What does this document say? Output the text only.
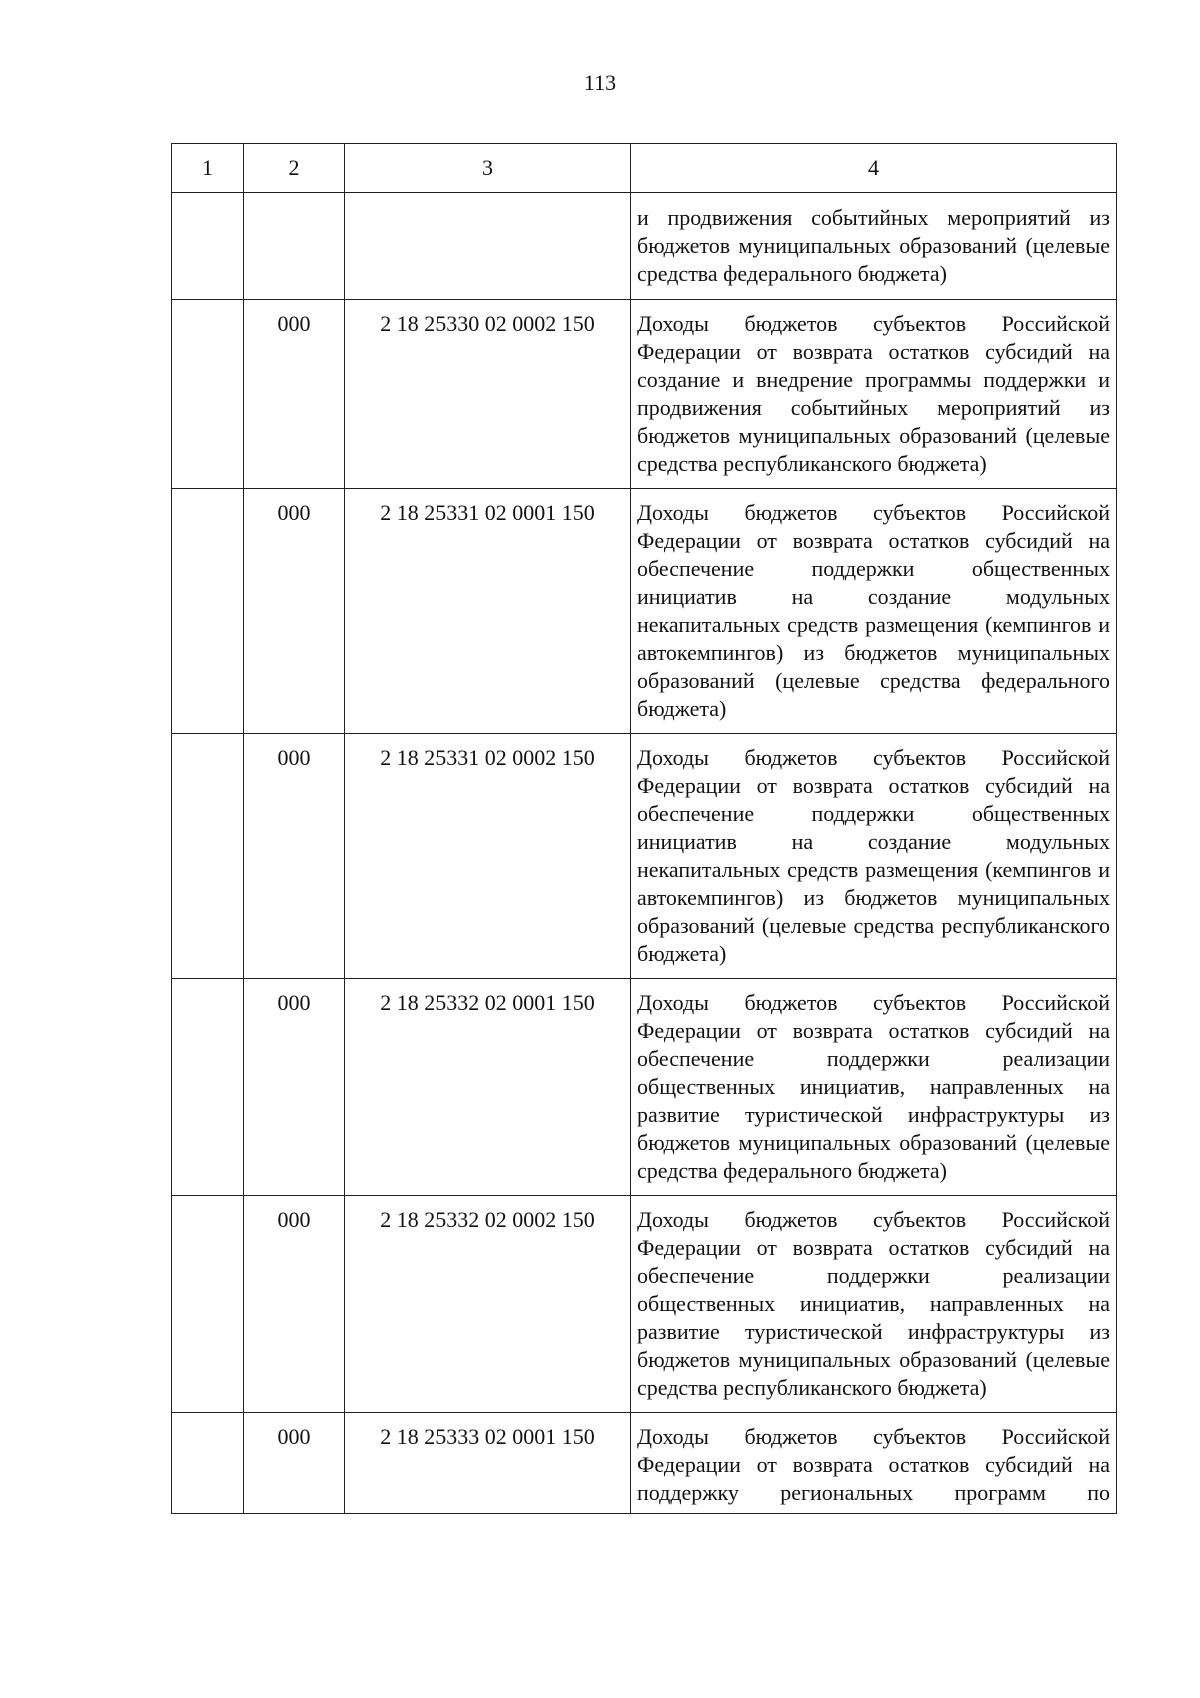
113
1	2	3	4
			и продвижения событийных мероприятий из бюджетов муниципальных образований (целевые средства федерального бюджета)
	000	2 18 25330 02 0002 150	Доходы бюджетов субъектов Российской Федерации от возврата остатков субсидий на создание и внедрение программы поддержки и продвижения событийных мероприятий из бюджетов муниципальных образований (целевые средства республиканского бюджета)
	000	2 18 25331 02 0001 150	Доходы бюджетов субъектов Российской Федерации от возврата остатков субсидий на обеспечение поддержки общественных инициатив на создание модульных некапитальных средств размещения (кемпингов и автокемпингов) из бюджетов муниципальных образований (целевые средства федерального бюджета)
	000	2 18 25331 02 0002 150	Доходы бюджетов субъектов Российской Федерации от возврата остатков субсидий на обеспечение поддержки общественных инициатив на создание модульных некапитальных средств размещения (кемпингов и автокемпингов) из бюджетов муниципальных образований (целевые средства республиканского бюджета)
	000	2 18 25332 02 0001 150	Доходы бюджетов субъектов Российской Федерации от возврата остатков субсидий на обеспечение поддержки реализации общественных инициатив, направленных на развитие туристической инфраструктуры из бюджетов муниципальных образований (целевые средства федерального бюджета)
	000	2 18 25332 02 0002 150	Доходы бюджетов субъектов Российской Федерации от возврата остатков субсидий на обеспечение поддержки реализации общественных инициатив, направленных на развитие туристической инфраструктуры из бюджетов муниципальных образований (целевые средства республиканского бюджета)
	000	2 18 25333 02 0001 150	Доходы бюджетов субъектов Российской Федерации от возврата остатков субсидий на поддержку региональных программ по
